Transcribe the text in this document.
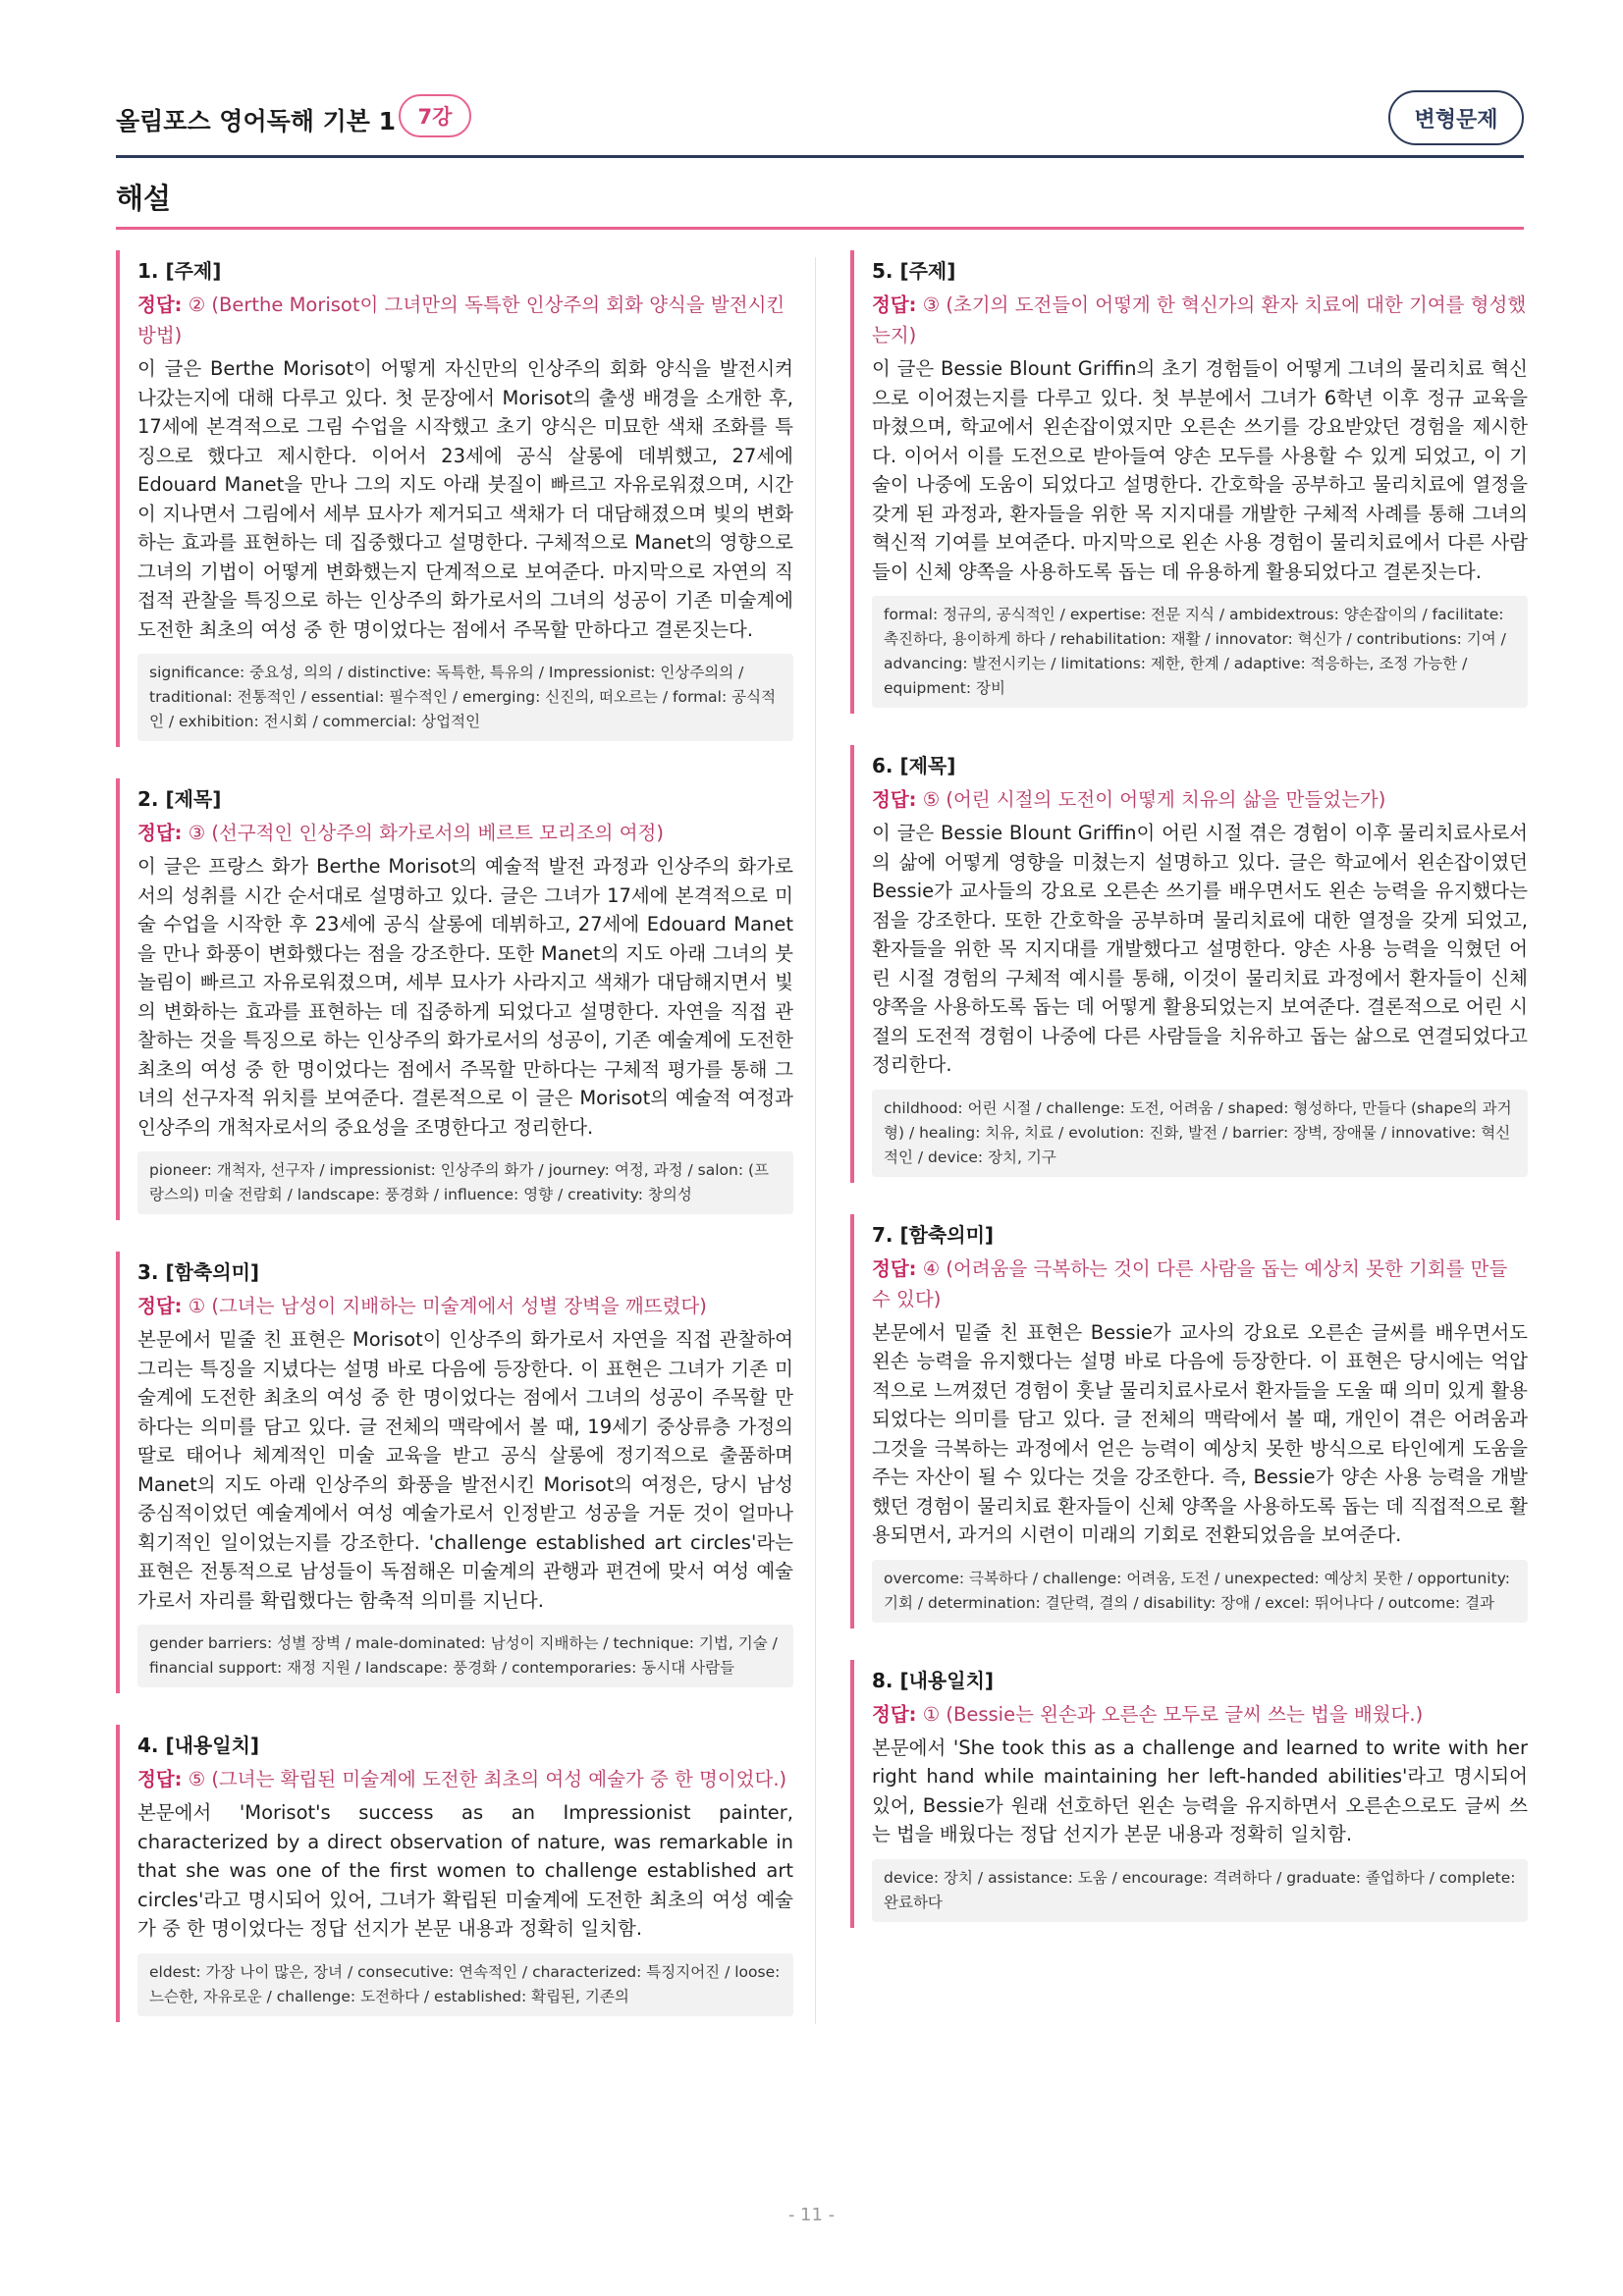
올림포스 영어독해 기본 1	7강	변형문제
해설
1. [주제]
정답: ② (Berthe Morisot이 그녀만의 독특한 인상주의 회화 양식을 발전시킨 방법)
이 글은 Berthe Morisot이 어떻게 자신만의 인상주의 회화 양식을 발전시켜 나갔는지에 대해 다루고 있다. 첫 문장에서 Morisot의 출생 배경을 소개한 후, 17세에 본격적으로 그림 수업을 시작했고 초기 양식은 미묘한 색채 조화를 특징으로 했다고 제시한다. 이어서 23세에 공식 살롱에 데뷔했고, 27세에 Edouard Manet을 만나 그의 지도 아래 붓질이 빠르고 자유로워졌으며, 시간이 지나면서 그림에서 세부 묘사가 제거되고 색채가 더 대담해졌으며 빛의 변화하는 효과를 표현하는 데 집중했다고 설명한다. 구체적으로 Manet의 영향으로 그녀의 기법이 어떻게 변화했는지 단계적으로 보여준다. 마지막으로 자연의 직접적 관찰을 특징으로 하는 인상주의 화가로서의 그녀의 성공이 기존 미술계에 도전한 최초의 여성 중 한 명이었다는 점에서 주목할 만하다고 결론짓는다.
significance: 중요성, 의의 / distinctive: 독특한, 특유의 / Impressionist: 인상주의의 / traditional: 전통적인 / essential: 필수적인 / emerging: 신진의, 떠오르는 / formal: 공식적인 / exhibition: 전시회 / commercial: 상업적인
2. [제목]
정답: ③ (선구적인 인상주의 화가로서의 베르트 모리조의 여정)
이 글은 프랑스 화가 Berthe Morisot의 예술적 발전 과정과 인상주의 화가로서의 성취를 시간 순서대로 설명하고 있다. 글은 그녀가 17세에 본격적으로 미술 수업을 시작한 후 23세에 공식 살롱에 데뷔하고, 27세에 Edouard Manet을 만나 화풍이 변화했다는 점을 강조한다. 또한 Manet의 지도 아래 그녀의 붓놀림이 빠르고 자유로워졌으며, 세부 묘사가 사라지고 색채가 대담해지면서 빛의 변화하는 효과를 표현하는 데 집중하게 되었다고 설명한다. 자연을 직접 관찰하는 것을 특징으로 하는 인상주의 화가로서의 성공이, 기존 예술계에 도전한 최초의 여성 중 한 명이었다는 점에서 주목할 만하다는 구체적 평가를 통해 그녀의 선구자적 위치를 보여준다. 결론적으로 이 글은 Morisot의 예술적 여정과 인상주의 개척자로서의 중요성을 조명한다고 정리한다.
pioneer: 개척자, 선구자 / impressionist: 인상주의 화가 / journey: 여정, 과정 / salon: (프랑스의) 미술 전람회 / landscape: 풍경화 / influence: 영향 / creativity: 창의성
3. [함축의미]
정답: ① (그녀는 남성이 지배하는 미술계에서 성별 장벽을 깨뜨렸다)
본문에서 밑줄 친 표현은 Morisot이 인상주의 화가로서 자연을 직접 관찰하여 그리는 특징을 지녔다는 설명 바로 다음에 등장한다. 이 표현은 그녀가 기존 미술계에 도전한 최초의 여성 중 한 명이었다는 점에서 그녀의 성공이 주목할 만하다는 의미를 담고 있다. 글 전체의 맥락에서 볼 때, 19세기 중상류층 가정의 딸로 태어나 체계적인 미술 교육을 받고 공식 살롱에 정기적으로 출품하며 Manet의 지도 아래 인상주의 화풍을 발전시킨 Morisot의 여정은, 당시 남성 중심적이었던 예술계에서 여성 예술가로서 인정받고 성공을 거둔 것이 얼마나 획기적인 일이었는지를 강조한다. 'challenge established art circles'라는 표현은 전통적으로 남성들이 독점해온 미술계의 관행과 편견에 맞서 여성 예술가로서 자리를 확립했다는 함축적 의미를 지닌다.
gender barriers: 성별 장벽 / male-dominated: 남성이 지배하는 / technique: 기법, 기술 / financial support: 재정 지원 / landscape: 풍경화 / contemporaries: 동시대 사람들
4. [내용일치]
정답: ⑤ (그녀는 확립된 미술계에 도전한 최초의 여성 예술가 중 한 명이었다.)
본문에서 'Morisot's success as an Impressionist painter, characterized by a direct observation of nature, was remarkable in that she was one of the first women to challenge established art circles'라고 명시되어 있어, 그녀가 확립된 미술계에 도전한 최초의 여성 예술가 중 한 명이었다는 정답 선지가 본문 내용과 정확히 일치함.
eldest: 가장 나이 많은, 장녀 / consecutive: 연속적인 / characterized: 특징지어진 / loose: 느슨한, 자유로운 / challenge: 도전하다 / established: 확립된, 기존의
5. [주제]
정답: ③ (초기의 도전들이 어떻게 한 혁신가의 환자 치료에 대한 기여를 형성했는지)
이 글은 Bessie Blount Griffin의 초기 경험들이 어떻게 그녀의 물리치료 혁신으로 이어졌는지를 다루고 있다. 첫 부분에서 그녀가 6학년 이후 정규 교육을 마쳤으며, 학교에서 왼손잡이였지만 오른손 쓰기를 강요받았던 경험을 제시한다. 이어서 이를 도전으로 받아들여 양손 모두를 사용할 수 있게 되었고, 이 기술이 나중에 도움이 되었다고 설명한다. 간호학을 공부하고 물리치료에 열정을 갖게 된 과정과, 환자들을 위한 목 지지대를 개발한 구체적 사례를 통해 그녀의 혁신적 기여를 보여준다. 마지막으로 왼손 사용 경험이 물리치료에서 다른 사람들이 신체 양쪽을 사용하도록 돕는 데 유용하게 활용되었다고 결론짓는다.
formal: 정규의, 공식적인 / expertise: 전문 지식 / ambidextrous: 양손잡이의 / facilitate: 촉진하다, 용이하게 하다 / rehabilitation: 재활 / innovator: 혁신가 / contributions: 기여 / advancing: 발전시키는 / limitations: 제한, 한계 / adaptive: 적응하는, 조정 가능한 / equipment: 장비
6. [제목]
정답: ⑤ (어린 시절의 도전이 어떻게 치유의 삶을 만들었는가)
이 글은 Bessie Blount Griffin이 어린 시절 겪은 경험이 이후 물리치료사로서의 삶에 어떻게 영향을 미쳤는지 설명하고 있다. 글은 학교에서 왼손잡이였던 Bessie가 교사들의 강요로 오른손 쓰기를 배우면서도 왼손 능력을 유지했다는 점을 강조한다. 또한 간호학을 공부하며 물리치료에 대한 열정을 갖게 되었고, 환자들을 위한 목 지지대를 개발했다고 설명한다. 양손 사용 능력을 익혔던 어린 시절 경험의 구체적 예시를 통해, 이것이 물리치료 과정에서 환자들이 신체 양쪽을 사용하도록 돕는 데 어떻게 활용되었는지 보여준다. 결론적으로 어린 시절의 도전적 경험이 나중에 다른 사람들을 치유하고 돕는 삶으로 연결되었다고 정리한다.
childhood: 어린 시절 / challenge: 도전, 어려움 / shaped: 형성하다, 만들다 (shape의 과거형) / healing: 치유, 치료 / evolution: 진화, 발전 / barrier: 장벽, 장애물 / innovative: 혁신적인 / device: 장치, 기구
7. [함축의미]
정답: ④ (어려움을 극복하는 것이 다른 사람을 돕는 예상치 못한 기회를 만들 수 있다)
본문에서 밑줄 친 표현은 Bessie가 교사의 강요로 오른손 글씨를 배우면서도 왼손 능력을 유지했다는 설명 바로 다음에 등장한다. 이 표현은 당시에는 억압적으로 느껴졌던 경험이 훗날 물리치료사로서 환자들을 도울 때 의미 있게 활용되었다는 의미를 담고 있다. 글 전체의 맥락에서 볼 때, 개인이 겪은 어려움과 그것을 극복하는 과정에서 얻은 능력이 예상치 못한 방식으로 타인에게 도움을 주는 자산이 될 수 있다는 것을 강조한다. 즉, Bessie가 양손 사용 능력을 개발했던 경험이 물리치료 환자들이 신체 양쪽을 사용하도록 돕는 데 직접적으로 활용되면서, 과거의 시련이 미래의 기회로 전환되었음을 보여준다.
overcome: 극복하다 / challenge: 어려움, 도전 / unexpected: 예상치 못한 / opportunity: 기회 / determination: 결단력, 결의 / disability: 장애 / excel: 뛰어나다 / outcome: 결과
8. [내용일치]
정답: ① (Bessie는 왼손과 오른손 모두로 글씨 쓰는 법을 배웠다.)
본문에서 'She took this as a challenge and learned to write with her right hand while maintaining her left-handed abilities'라고 명시되어 있어, Bessie가 원래 선호하던 왼손 능력을 유지하면서 오른손으로도 글씨 쓰는 법을 배웠다는 정답 선지가 본문 내용과 정확히 일치함.
device: 장치 / assistance: 도움 / encourage: 격려하다 / graduate: 졸업하다 / complete: 완료하다
- 11 -
